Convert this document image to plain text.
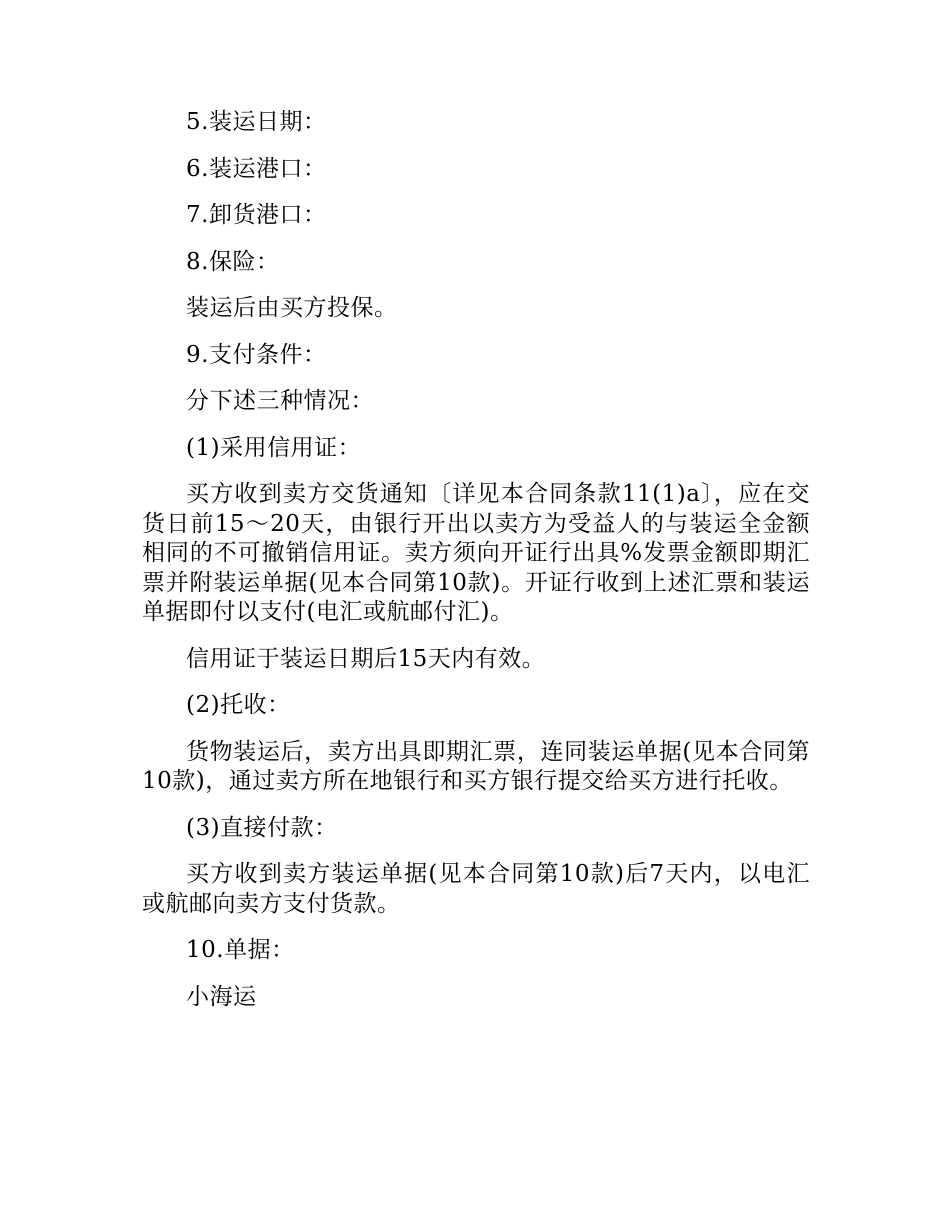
5.装运日期：

6.装运港口：

7.卸货港口：

8.保险：

装运后由买方投保。

9.支付条件：

分下述三种情况：

(1)采用信用证：

买方收到卖方交货通知〔详见本合同条款11(1)a〕，应在交货日前15～20天，由银行开出以卖方为受益人的与装运全金额相同的不可撤销信用证。卖方须向开证行出具%发票金额即期汇票并附装运单据(见本合同第10款)。开证行收到上述汇票和装运单据即付以支付(电汇或航邮付汇)。

信用证于装运日期后15天内有效。

(2)托收：

货物装运后，卖方出具即期汇票，连同装运单据(见本合同第10款)，通过卖方所在地银行和买方银行提交给买方进行托收。

(3)直接付款：

买方收到卖方装运单据(见本合同第10款)后7天内，以电汇或航邮向卖方支付货款。

10.单据：

小海运
